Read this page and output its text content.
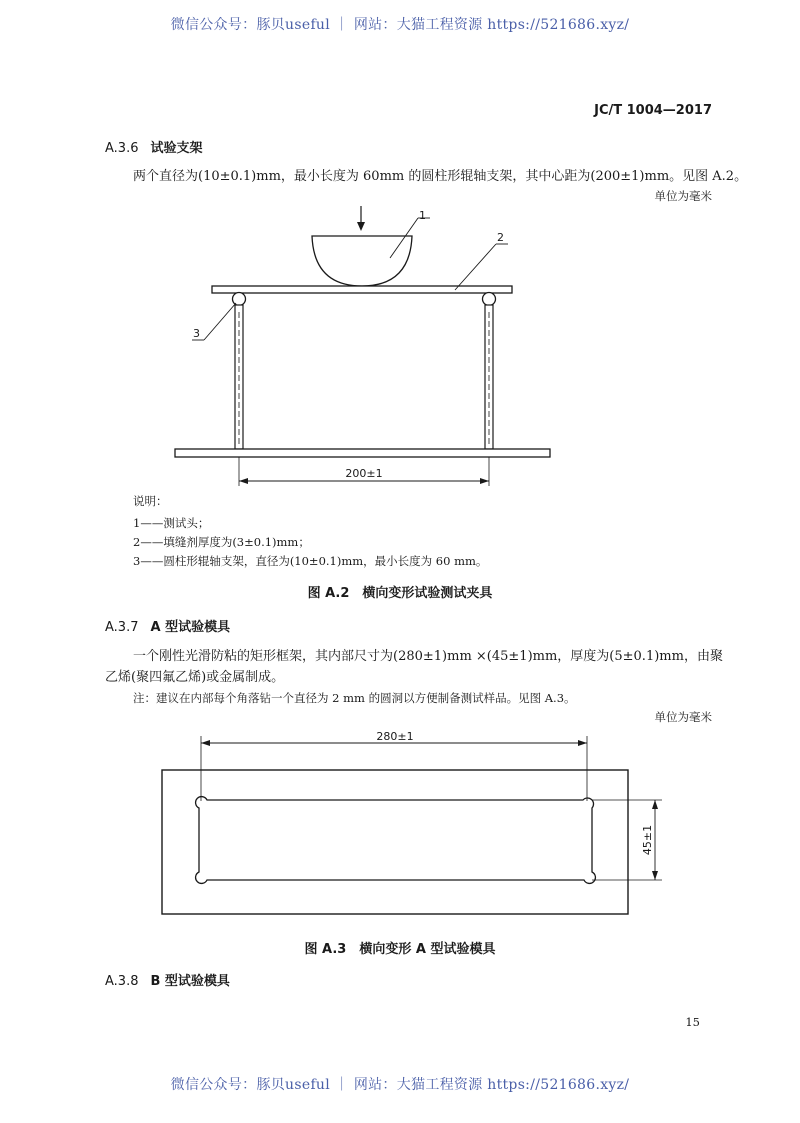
微信公众号：豚贝useful ｜ 网站：大猫工程资源 https://521686.xyz/
JC/T 1004—2017
A.3.6 试验支架
两个直径为(10±0.1)mm，最小长度为 60mm 的圆柱形辊轴支架，其中心距为(200±1)mm。见图 A.2。
单位为毫米
1
2
3
200±1
说明：
1——测试头；
2——填缝剂厚度为(3±0.1)mm；
3——圆柱形辊轴支架，直径为(10±0.1)mm，最小长度为 60 mm。
图 A.2　横向变形试验测试夹具
A.3.7 A 型试验模具
一个刚性光滑防粘的矩形框架，其内部尺寸为(280±1)mm ×(45±1)mm，厚度为(5±0.1)mm，由聚
乙烯(聚四氟乙烯)或金属制成。
注：建议在内部每个角落钻一个直径为 2 mm 的圆洞以方便制备测试样品。见图 A.3。
单位为毫米
280±1
45±1
图 A.3　横向变形 A 型试验模具
A.3.8 B 型试验模具
15
微信公众号：豚贝useful ｜ 网站：大猫工程资源 https://521686.xyz/
